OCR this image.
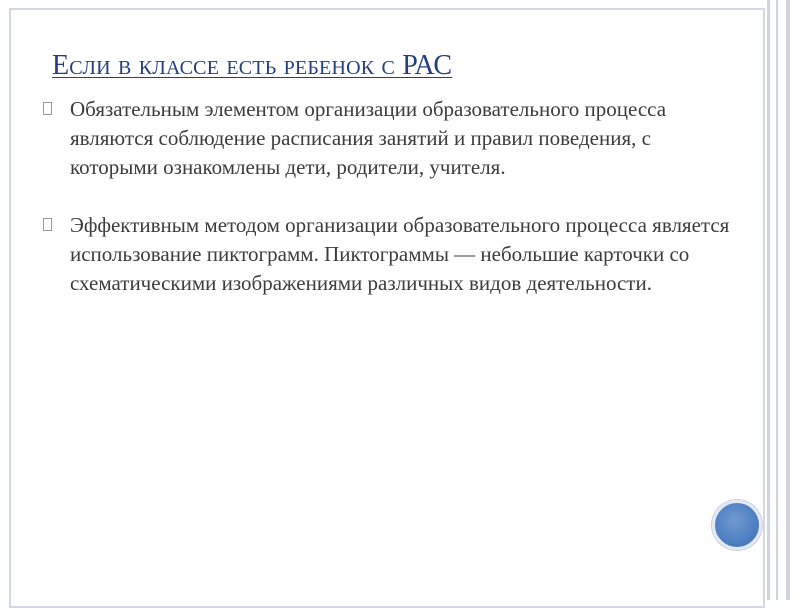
Если в классе есть ребенок с РАС
Обязательным элементом организации образовательного процесса являются соблюдение расписания занятий и правил поведения, с которыми ознакомлены дети, родители, учителя.
Эффективным методом организации образовательного процесса является использование пиктограмм. Пиктограммы — небольшие карточки со схематическими изображениями различных видов деятельности.
